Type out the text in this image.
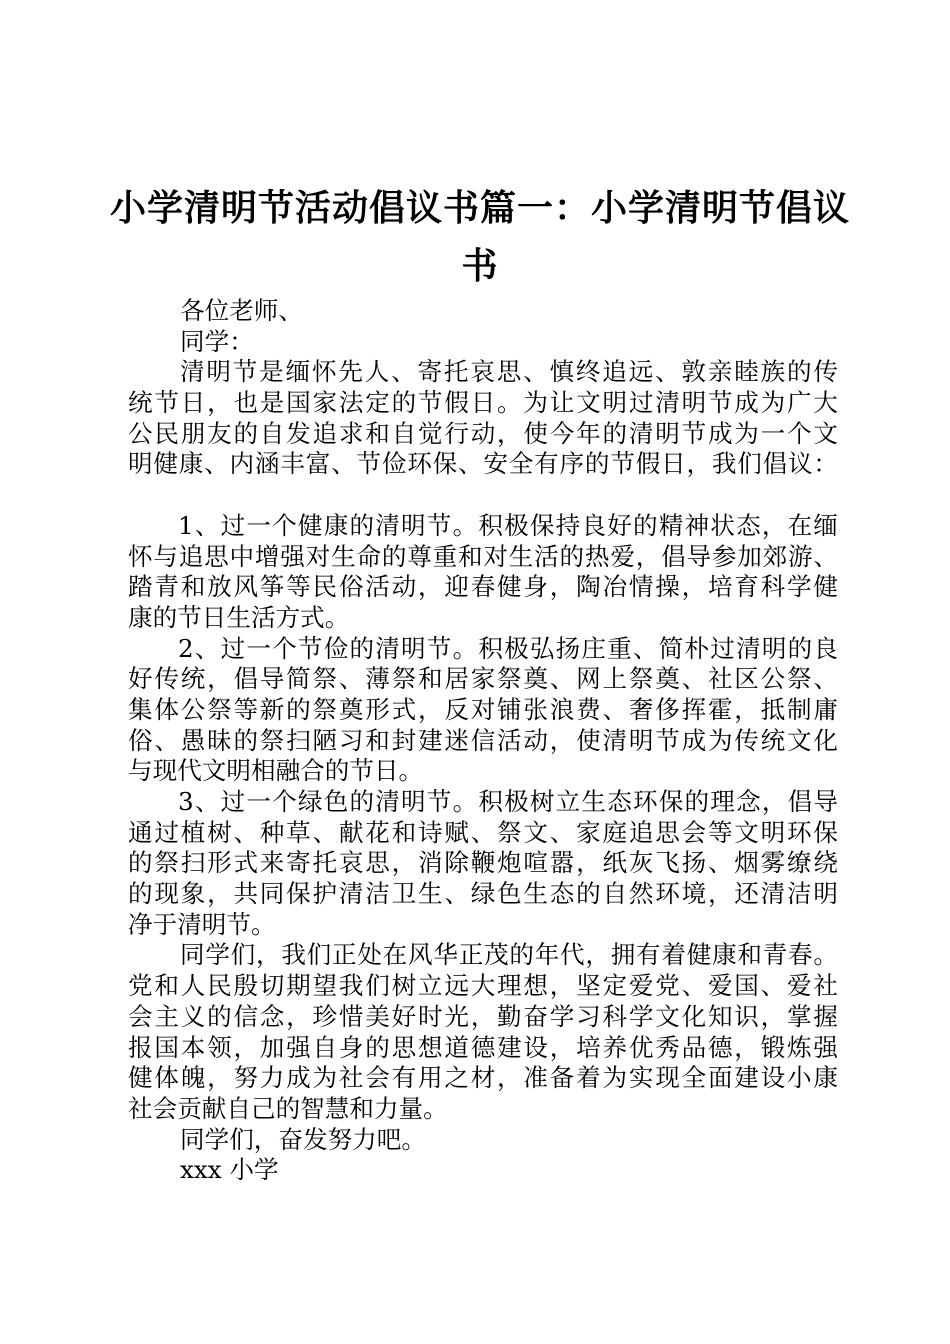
小学清明节活动倡议书篇一：小学清明节倡议书
各位老师、
同学：
清明节是缅怀先人、寄托哀思、慎终追远、敦亲睦族的传
统节日，也是国家法定的节假日。为让文明过清明节成为广大
公民朋友的自发追求和自觉行动，使今年的清明节成为一个文
明健康、内涵丰富、节俭环保、安全有序的节假日，我们倡议：
1、过一个健康的清明节。积极保持良好的精神状态，在缅
怀与追思中增强对生命的尊重和对生活的热爱，倡导参加郊游、
踏青和放风筝等民俗活动，迎春健身，陶冶情操，培育科学健
康的节日生活方式。
2、过一个节俭的清明节。积极弘扬庄重、简朴过清明的良
好传统，倡导简祭、薄祭和居家祭奠、网上祭奠、社区公祭、
集体公祭等新的祭奠形式，反对铺张浪费、奢侈挥霍，抵制庸
俗、愚昧的祭扫陋习和封建迷信活动，使清明节成为传统文化
与现代文明相融合的节日。
3、过一个绿色的清明节。积极树立生态环保的理念，倡导
通过植树、种草、献花和诗赋、祭文、家庭追思会等文明环保
的祭扫形式来寄托哀思，消除鞭炮喧嚣，纸灰飞扬、烟雾缭绕
的现象，共同保护清洁卫生、绿色生态的自然环境，还清洁明
净于清明节。
同学们，我们正处在风华正茂的年代，拥有着健康和青春。
党和人民殷切期望我们树立远大理想，坚定爱党、爱国、爱社
会主义的信念，珍惜美好时光，勤奋学习科学文化知识，掌握
报国本领，加强自身的思想道德建设，培养优秀品德，锻炼强
健体魄，努力成为社会有用之材，准备着为实现全面建设小康
社会贡献自己的智慧和力量。
同学们，奋发努力吧。
xxx 小学
